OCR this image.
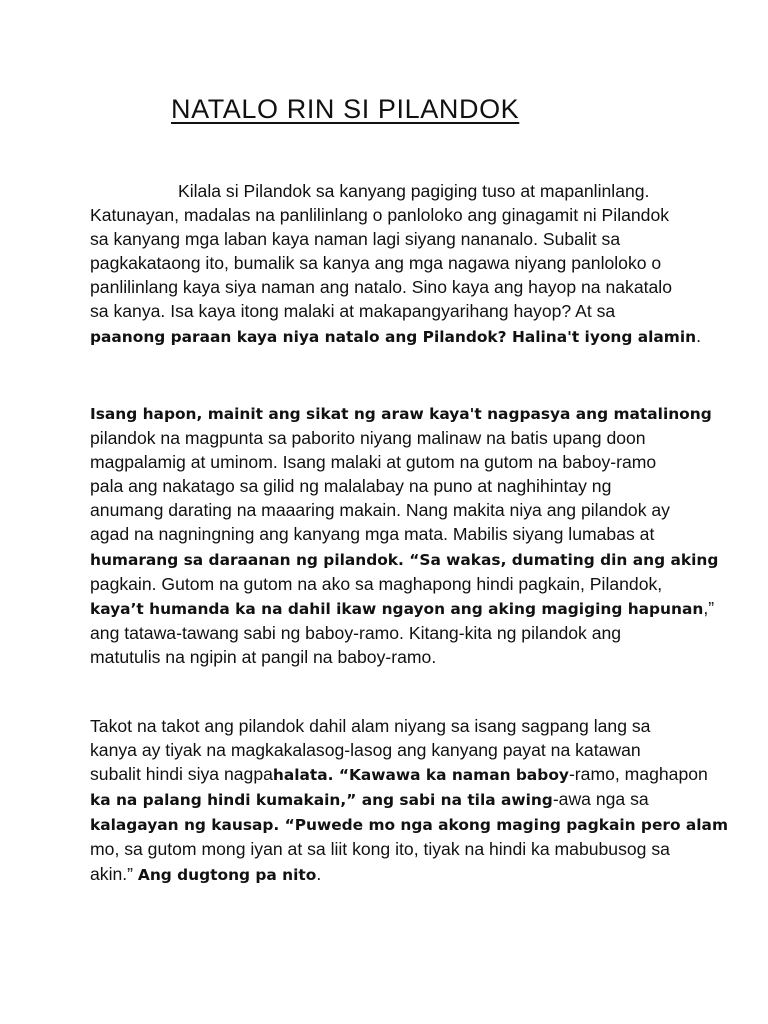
NATALO RIN SI PILANDOK
Kilala si Pilandok sa kanyang pagiging tuso at mapanlinlang.
Katunayan, madalas na panlilinlang o panloloko ang ginagamit ni Pilandok
sa kanyang mga laban kaya naman lagi siyang nananalo. Subalit sa
pagkakataong ito, bumalik sa kanya ang mga nagawa niyang panloloko o
panlilinlang kaya siya naman ang natalo. Sino kaya ang hayop na nakatalo
sa kanya. Isa kaya itong malaki at makapangyarihang hayop? At sa
paanong paraan kaya niya natalo ang Pilandok? Halina't iyong alamin.
Isang hapon, mainit ang sikat ng araw kaya't nagpasya ang matalinong
pilandok na magpunta sa paborito niyang malinaw na batis upang doon
magpalamig at uminom. Isang malaki at gutom na gutom na baboy-ramo
pala ang nakatago sa gilid ng malalabay na puno at naghihintay ng
anumang darating na maaaring makain. Nang makita niya ang pilandok ay
agad na nagningning ang kanyang mga mata. Mabilis siyang lumabas at
humarang sa daraanan ng pilandok. “Sa wakas, dumating din ang aking
pagkain. Gutom na gutom na ako sa maghapong hindi pagkain, Pilandok,
kaya’t humanda ka na dahil ikaw ngayon ang aking magiging hapunan,”
ang tatawa-tawang sabi ng baboy-ramo. Kitang-kita ng pilandok ang
matutulis na ngipin at pangil na baboy-ramo.
Takot na takot ang pilandok dahil alam niyang sa isang sagpang lang sa
kanya ay tiyak na magkakalasog-lasog ang kanyang payat na katawan
subalit hindi siya nagpahalata. “Kawawa ka naman baboy-ramo, maghapon
ka na palang hindi kumakain,” ang sabi na tila awing-awa nga sa
kalagayan ng kausap. “Puwede mo nga akong maging pagkain pero alam
mo, sa gutom mong iyan at sa liit kong ito, tiyak na hindi ka mabubusog sa
akin.” Ang dugtong pa nito.
